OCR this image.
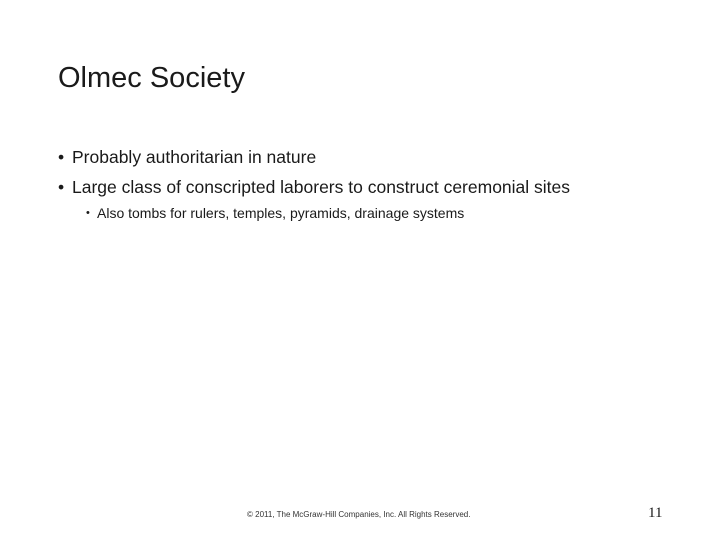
Olmec Society
• Probably authoritarian in nature
• Large class of conscripted laborers to construct ceremonial sites
• Also tombs for rulers, temples, pyramids, drainage systems
© 2011, The McGraw-Hill Companies, Inc. All Rights Reserved.	11
